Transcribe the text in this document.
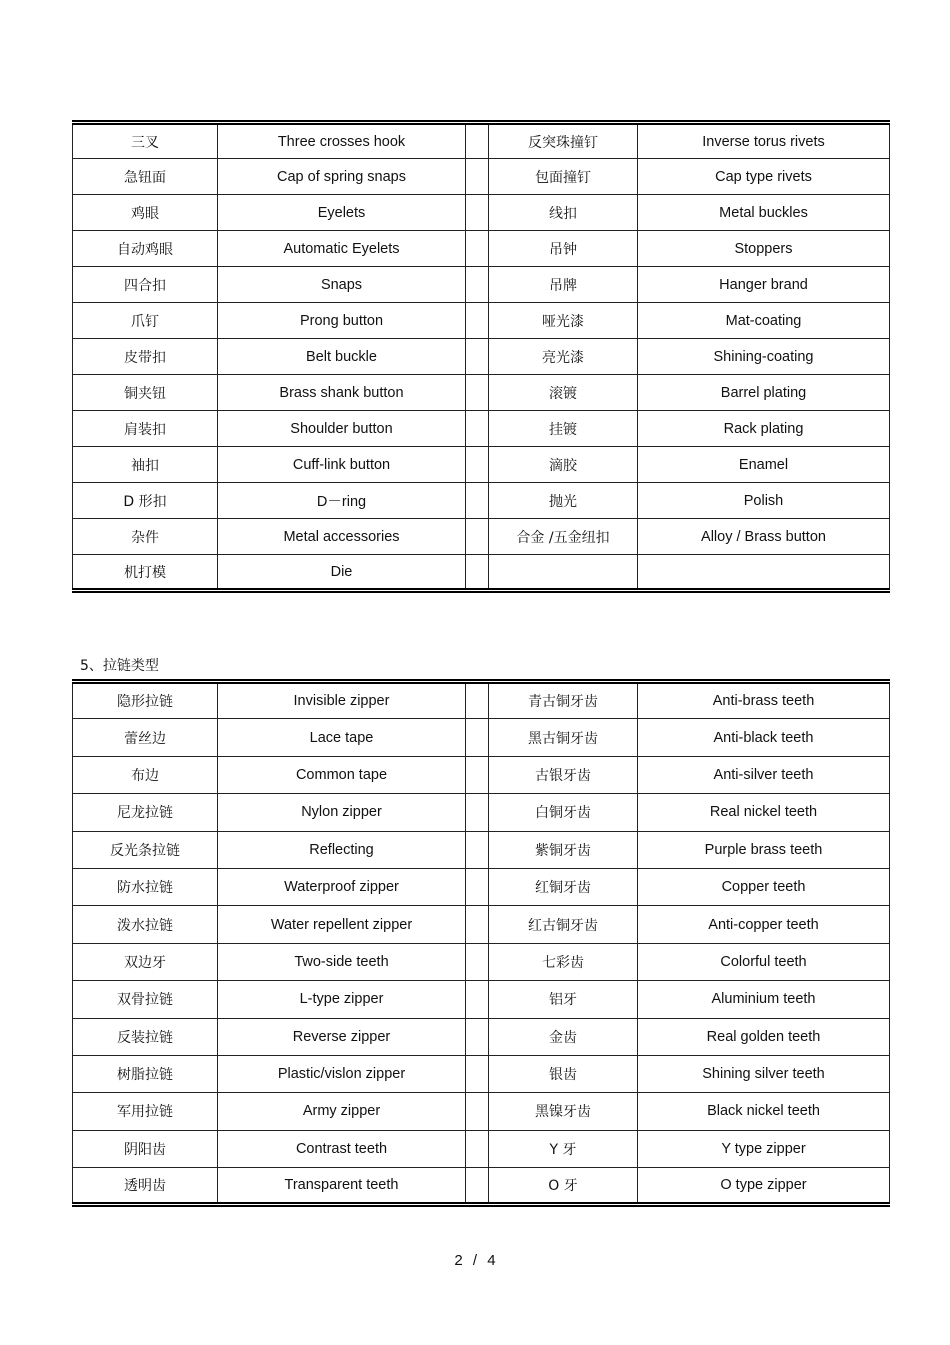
三叉	Three crosses hook		反突珠撞钉	Inverse torus rivets
急钮面	Cap of spring snaps		包面撞钉	Cap type rivets
鸡眼	Eyelets		线扣	Metal buckles
自动鸡眼	Automatic Eyelets		吊钟	Stoppers
四合扣	Snaps		吊牌	Hanger brand
爪钉	Prong button		哑光漆	Mat-coating
皮带扣	Belt buckle		亮光漆	Shining-coating
铜夹钮	Brass shank button		滚镀	Barrel plating
肩装扣	Shoulder button		挂镀	Rack plating
袖扣	Cuff-link button		滴胶	Enamel
D 形扣	D－ring		抛光	Polish
杂件	Metal accessories		合金 /五金纽扣	Alloy / Brass button
机打模	Die			
5、拉链类型
隐形拉链	Invisible zipper		青古铜牙齿	Anti-brass teeth
蕾丝边	Lace tape		黑古铜牙齿	Anti-black teeth
布边	Common tape		古银牙齿	Anti-silver teeth
尼龙拉链	Nylon zipper		白铜牙齿	Real nickel teeth
反光条拉链	Reflecting		紫铜牙齿	Purple brass teeth
防水拉链	Waterproof zipper		红铜牙齿	Copper teeth
泼水拉链	Water repellent zipper		红古铜牙齿	Anti-copper teeth
双边牙	Two-side teeth		七彩齿	Colorful teeth
双骨拉链	L-type zipper		铝牙	Aluminium teeth
反装拉链	Reverse zipper		金齿	Real golden teeth
树脂拉链	Plastic/vislon zipper		银齿	Shining silver teeth
军用拉链	Army zipper		黑镍牙齿	Black nickel teeth
阴阳齿	Contrast teeth		Y 牙	Y type zipper
透明齿	Transparent teeth		O 牙	O type zipper
2 / 4
